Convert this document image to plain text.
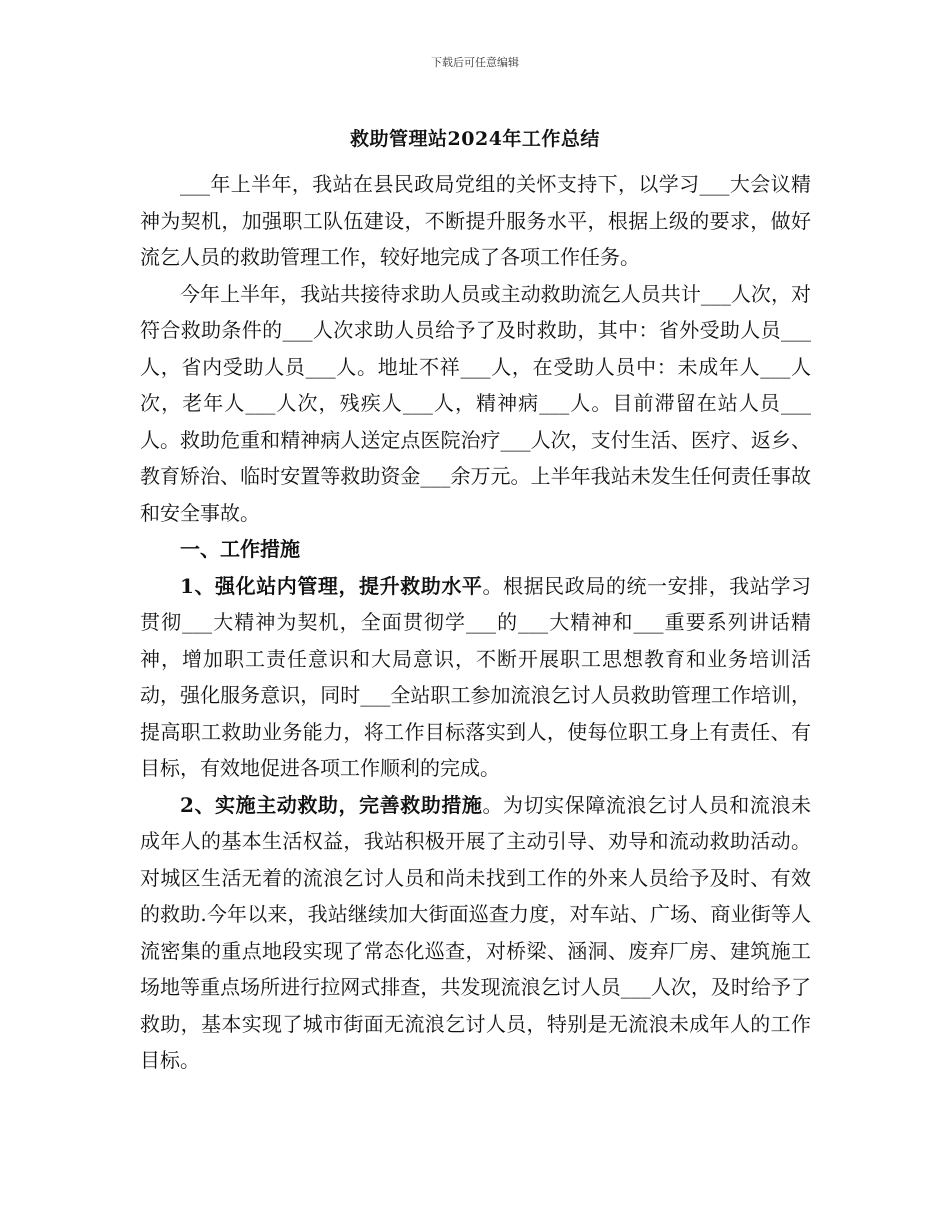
下载后可任意编辑
救助管理站2024年工作总结

___年上半年，我站在县民政局党组的关怀支持下，以学习___大会议精神为契机，加强职工队伍建设，不断提升服务水平，根据上级的要求，做好流乞人员的救助管理工作，较好地完成了各项工作任务。

今年上半年，我站共接待求助人员或主动救助流乞人员共计___人次，对符合救助条件的___人次求助人员给予了及时救助，其中：省外受助人员___人，省内受助人员___人。地址不祥___人，在受助人员中：未成年人___人次，老年人___人次，残疾人___人，精神病___人。目前滞留在站人员___人。救助危重和精神病人送定点医院治疗___人次，支付生活、医疗、返乡、教育矫治、临时安置等救助资金___余万元。上半年我站未发生任何责任事故和安全事故。

一、工作措施

1、强化站内管理，提升救助水平。根据民政局的统一安排，我站学习贯彻___大精神为契机，全面贯彻学___的___大精神和___重要系列讲话精神，增加职工责任意识和大局意识，不断开展职工思想教育和业务培训活动，强化服务意识，同时___全站职工参加流浪乞讨人员救助管理工作培训，提高职工救助业务能力，将工作目标落实到人，使每位职工身上有责任、有目标，有效地促进各项工作顺利的完成。

2、实施主动救助，完善救助措施。为切实保障流浪乞讨人员和流浪未成年人的基本生活权益，我站积极开展了主动引导、劝导和流动救助活动。对城区生活无着的流浪乞讨人员和尚未找到工作的外来人员给予及时、有效的救助.今年以来，我站继续加大街面巡查力度，对车站、广场、商业街等人流密集的重点地段实现了常态化巡查，对桥梁、涵洞、废弃厂房、建筑施工场地等重点场所进行拉网式排查，共发现流浪乞讨人员___人次，及时给予了救助，基本实现了城市街面无流浪乞讨人员，特别是无流浪未成年人的工作目标。
